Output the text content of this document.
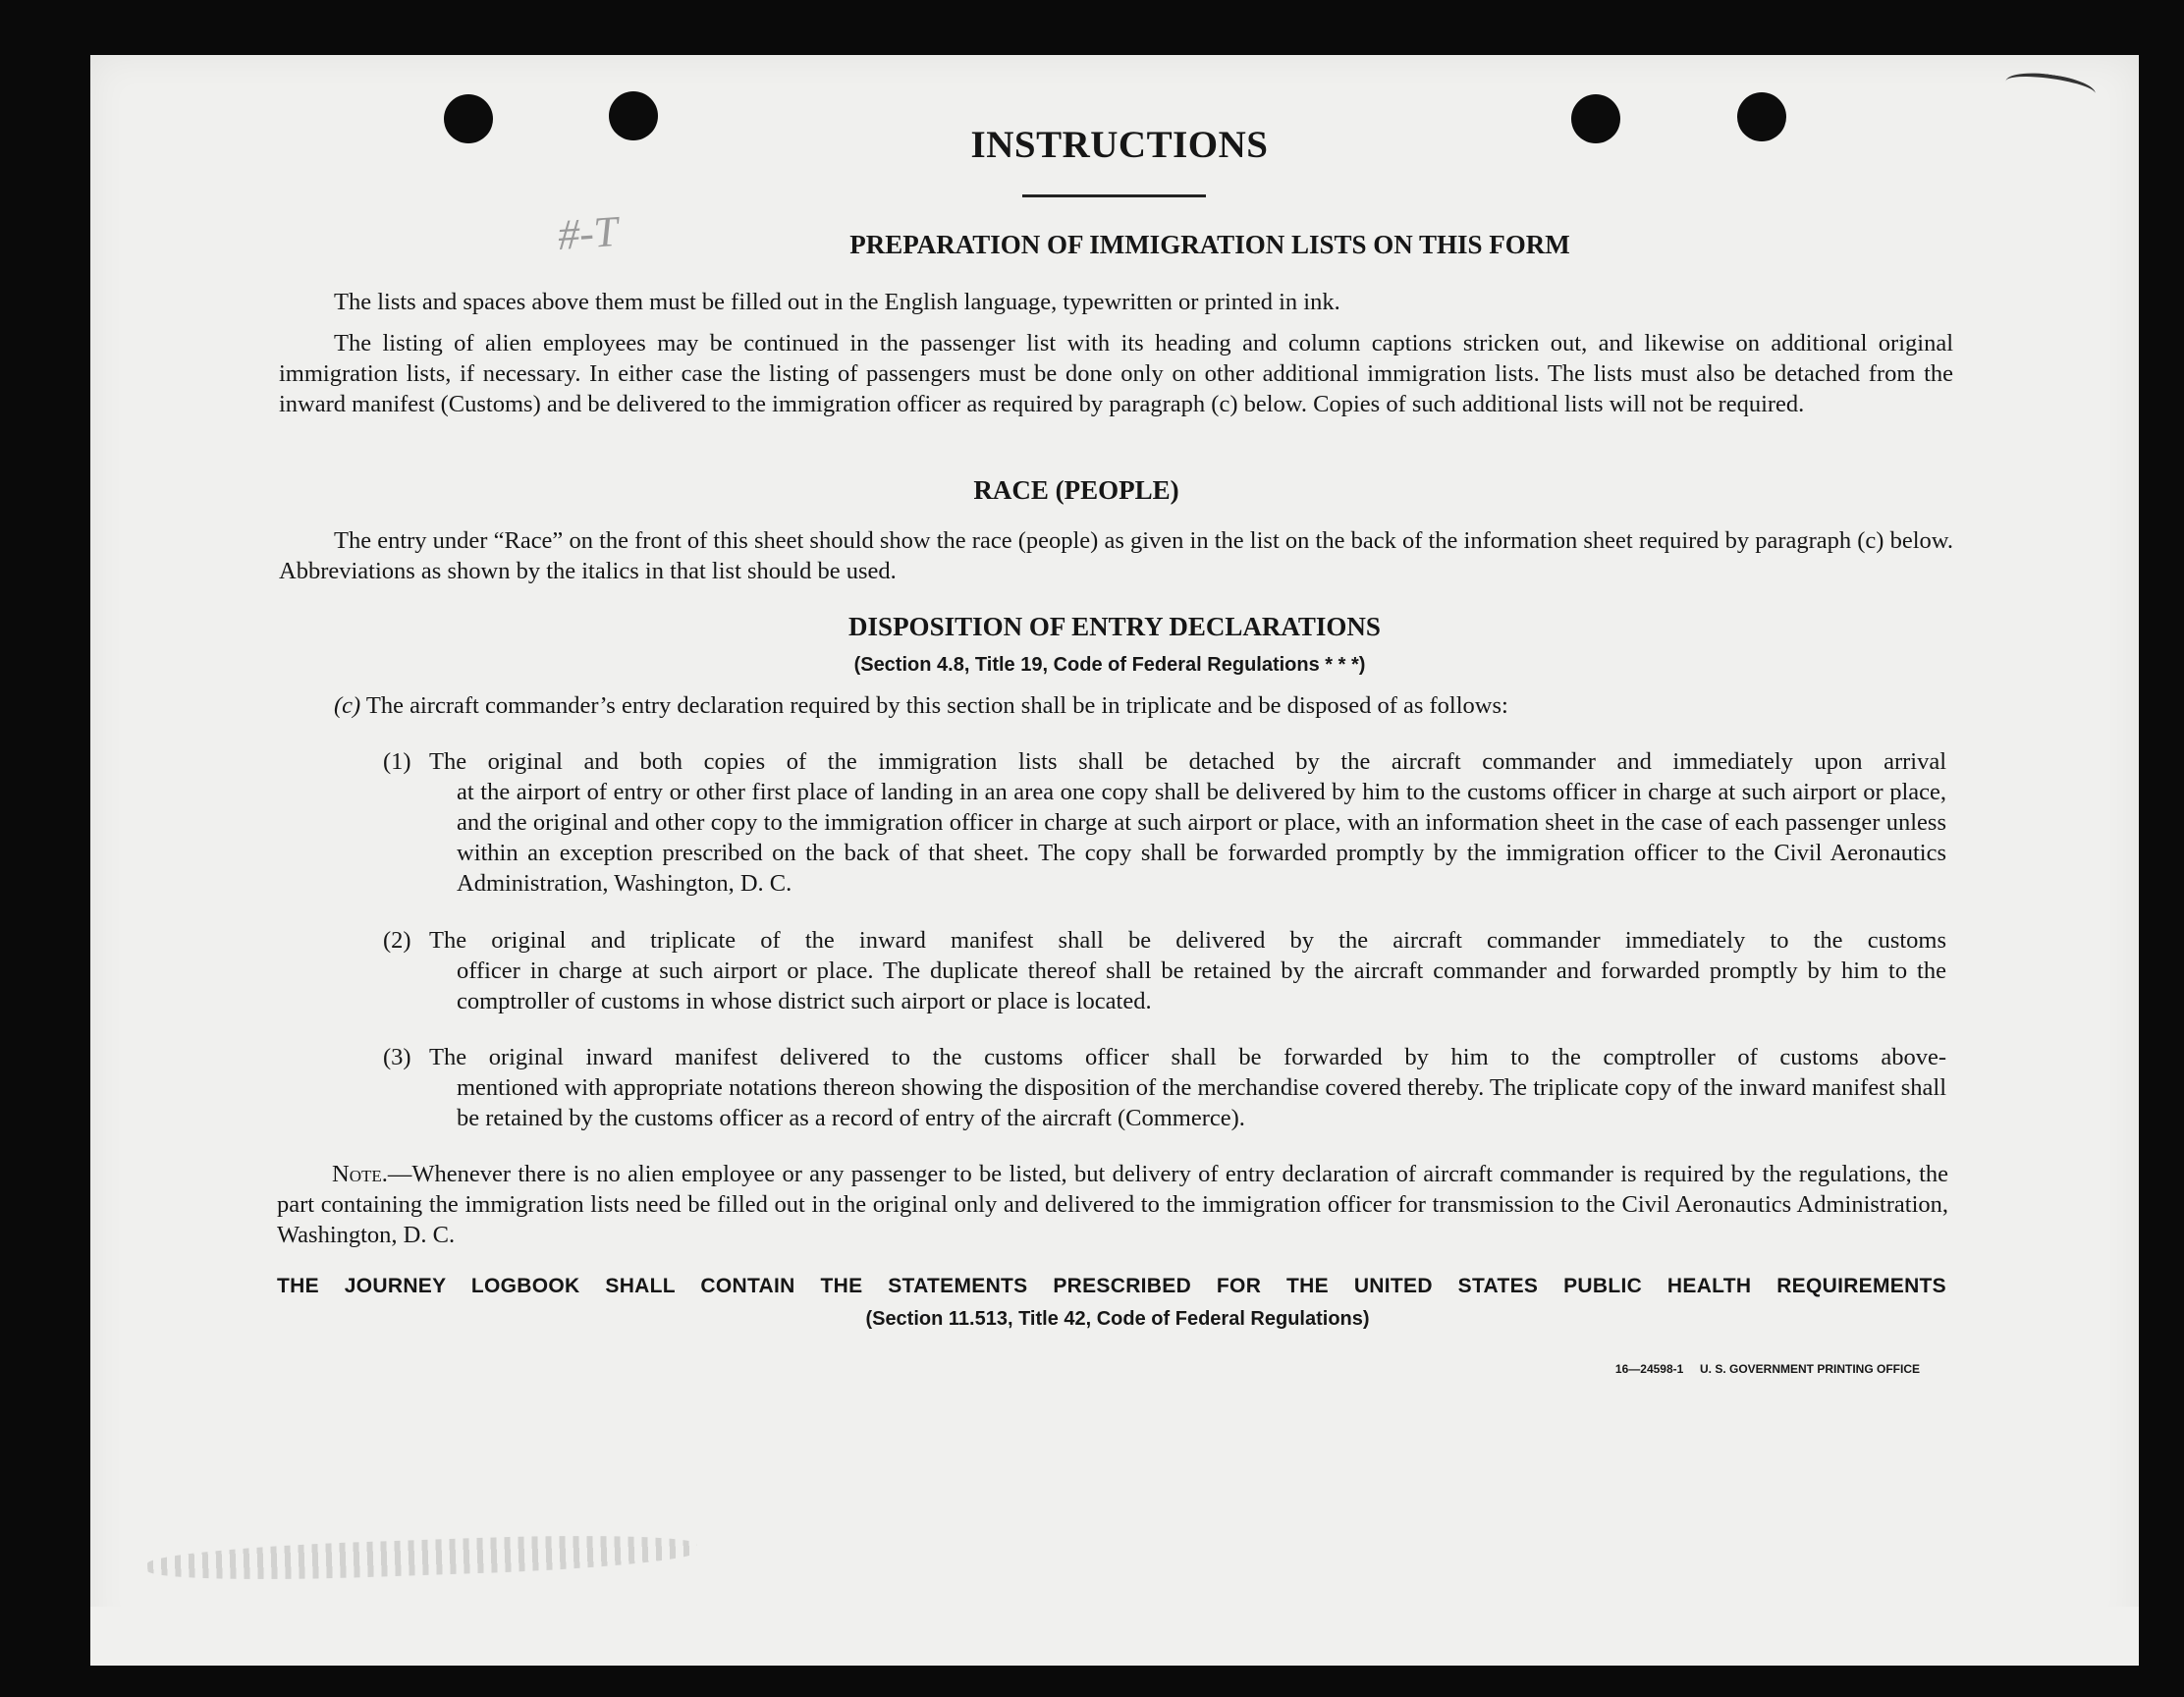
#-T
INSTRUCTIONS
PREPARATION OF IMMIGRATION LISTS ON THIS FORM
The lists and spaces above them must be filled out in the English language, typewritten or printed in ink.
The listing of alien employees may be continued in the passenger list with its heading and column captions stricken out, and likewise on additional original immigration lists, if necessary. In either case the listing of passengers must be done only on other additional immigration lists. The lists must also be detached from the inward manifest (Customs) and be delivered to the immigration officer as required by paragraph (c) below. Copies of such additional lists will not be required.
RACE (PEOPLE)
The entry under “Race” on the front of this sheet should show the race (people) as given in the list on the back of the information sheet required by paragraph (c) below. Abbreviations as shown by the italics in that list should be used.
DISPOSITION OF ENTRY DECLARATIONS
(Section 4.8, Title 19, Code of Federal Regulations * * *)
(c) The aircraft commander’s entry declaration required by this section shall be in triplicate and be disposed of as follows:
(1) The original and both copies of the immigration lists shall be detached by the aircraft commander and immediately upon arrival
at the airport of entry or other first place of landing in an area one copy shall be delivered by him to the customs officer in charge at such airport or place, and the original and other copy to the immigration officer in charge at such airport or place, with an information sheet in the case of each passenger unless within an exception prescribed on the back of that sheet. The copy shall be forwarded promptly by the immigration officer to the Civil Aeronautics Administration, Washington, D. C.
(2) The original and triplicate of the inward manifest shall be delivered by the aircraft commander immediately to the customs
officer in charge at such airport or place. The duplicate thereof shall be retained by the aircraft commander and forwarded promptly by him to the comptroller of customs in whose district such airport or place is located.
(3) The original inward manifest delivered to the customs officer shall be forwarded by him to the comptroller of customs above-
mentioned with appropriate notations thereon showing the disposition of the merchandise covered thereby. The triplicate copy of the inward manifest shall be retained by the customs officer as a record of entry of the aircraft (Commerce).
Note.—Whenever there is no alien employee or any passenger to be listed, but delivery of entry declaration of aircraft commander is required by the regulations, the part containing the immigration lists need be filled out in the original only and delivered to the immigration officer for transmission to the Civil Aeronautics Administration, Washington, D. C.
THE JOURNEY LOGBOOK SHALL CONTAIN THE STATEMENTS PRESCRIBED FOR THE UNITED STATES PUBLIC HEALTH REQUIREMENTS
(Section 11.513, Title 42, Code of Federal Regulations)
16—24598-1 U. S. GOVERNMENT PRINTING OFFICE
